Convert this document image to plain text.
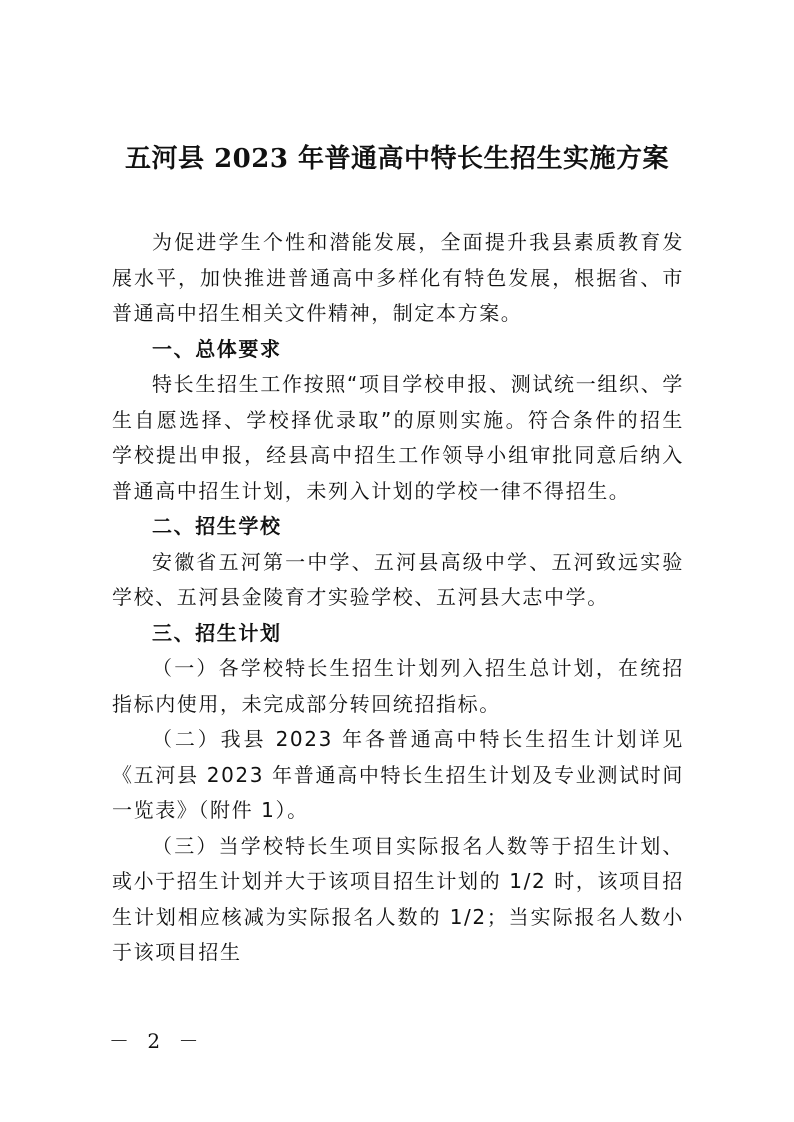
五河县 2023 年普通高中特长生招生实施方案

为促进学生个性和潜能发展，全面提升我县素质教育发展水平，加快推进普通高中多样化有特色发展，根据省、市普通高中招生相关文件精神，制定本方案。

一、总体要求

特长生招生工作按照“项目学校申报、测试统一组织、学生自愿选择、学校择优录取”的原则实施。符合条件的招生学校提出申报，经县高中招生工作领导小组审批同意后纳入普通高中招生计划，未列入计划的学校一律不得招生。

二、招生学校

安徽省五河第一中学、五河县高级中学、五河致远实验学校、五河县金陵育才实验学校、五河县大志中学。

三、招生计划

（一）各学校特长生招生计划列入招生总计划，在统招指标内使用，未完成部分转回统招指标。

（二）我县 2023 年各普通高中特长生招生计划详见《五河县 2023 年普通高中特长生招生计划及专业测试时间一览表》（附件 1）。

（三）当学校特长生项目实际报名人数等于招生计划、或小于招生计划并大于该项目招生计划的 1/2 时，该项目招生计划相应核减为实际报名人数的 1/2；当实际报名人数小于该项目招生

－ 2 －
